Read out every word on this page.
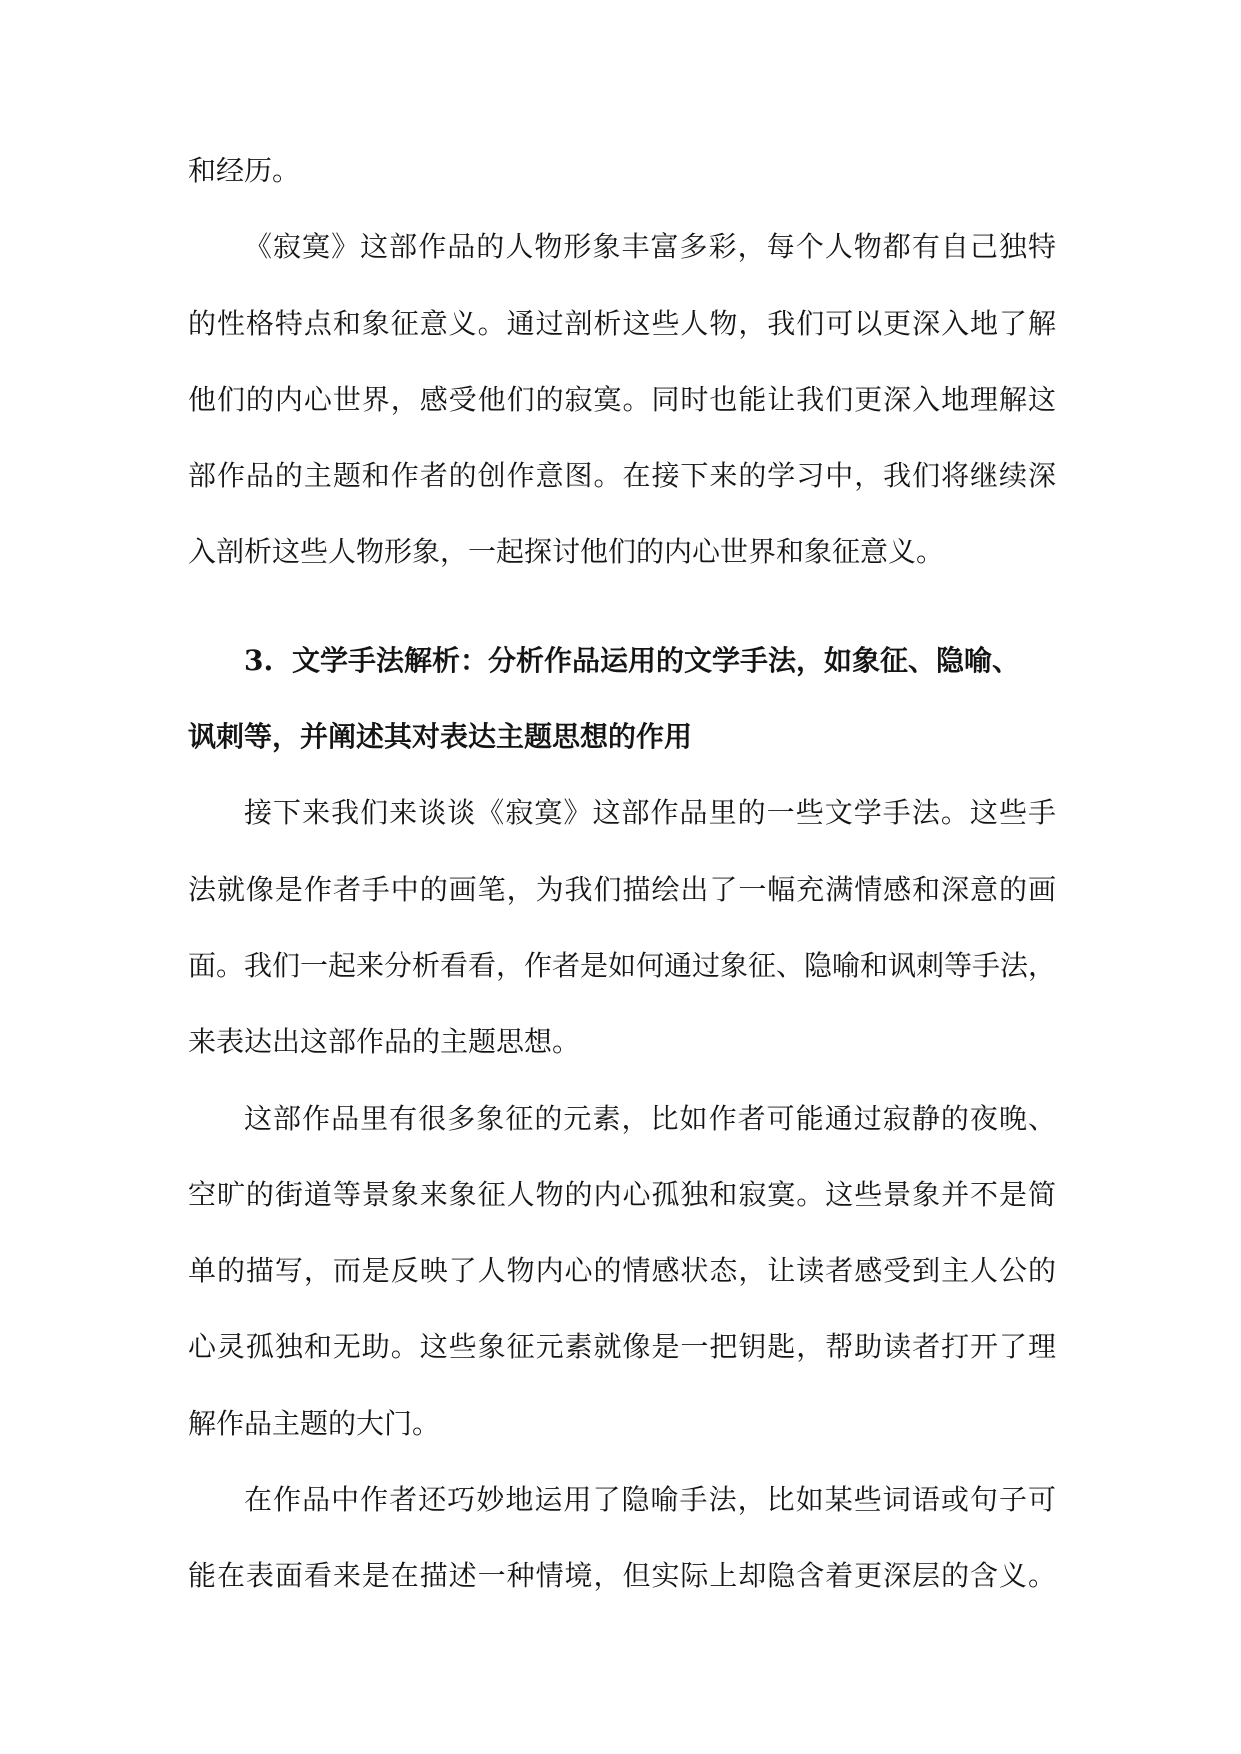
和经历。
《寂寞》这部作品的人物形象丰富多彩，每个人物都有自己独特
的性格特点和象征意义。通过剖析这些人物，我们可以更深入地了解
他们的内心世界，感受他们的寂寞。同时也能让我们更深入地理解这
部作品的主题和作者的创作意图。在接下来的学习中，我们将继续深
入剖析这些人物形象，一起探讨他们的内心世界和象征意义。
3. 文学手法解析：分析作品运用的文学手法，如象征、隐喻、
讽刺等，并阐述其对表达主题思想的作用
接下来我们来谈谈《寂寞》这部作品里的一些文学手法。这些手
法就像是作者手中的画笔，为我们描绘出了一幅充满情感和深意的画
面。我们一起来分析看看，作者是如何通过象征、隐喻和讽刺等手法，
来表达出这部作品的主题思想。
这部作品里有很多象征的元素，比如作者可能通过寂静的夜晚、
空旷的街道等景象来象征人物的内心孤独和寂寞。这些景象并不是简
单的描写，而是反映了人物内心的情感状态，让读者感受到主人公的
心灵孤独和无助。这些象征元素就像是一把钥匙，帮助读者打开了理
解作品主题的大门。
在作品中作者还巧妙地运用了隐喻手法，比如某些词语或句子可
能在表面看来是在描述一种情境，但实际上却隐含着更深层的含义。
